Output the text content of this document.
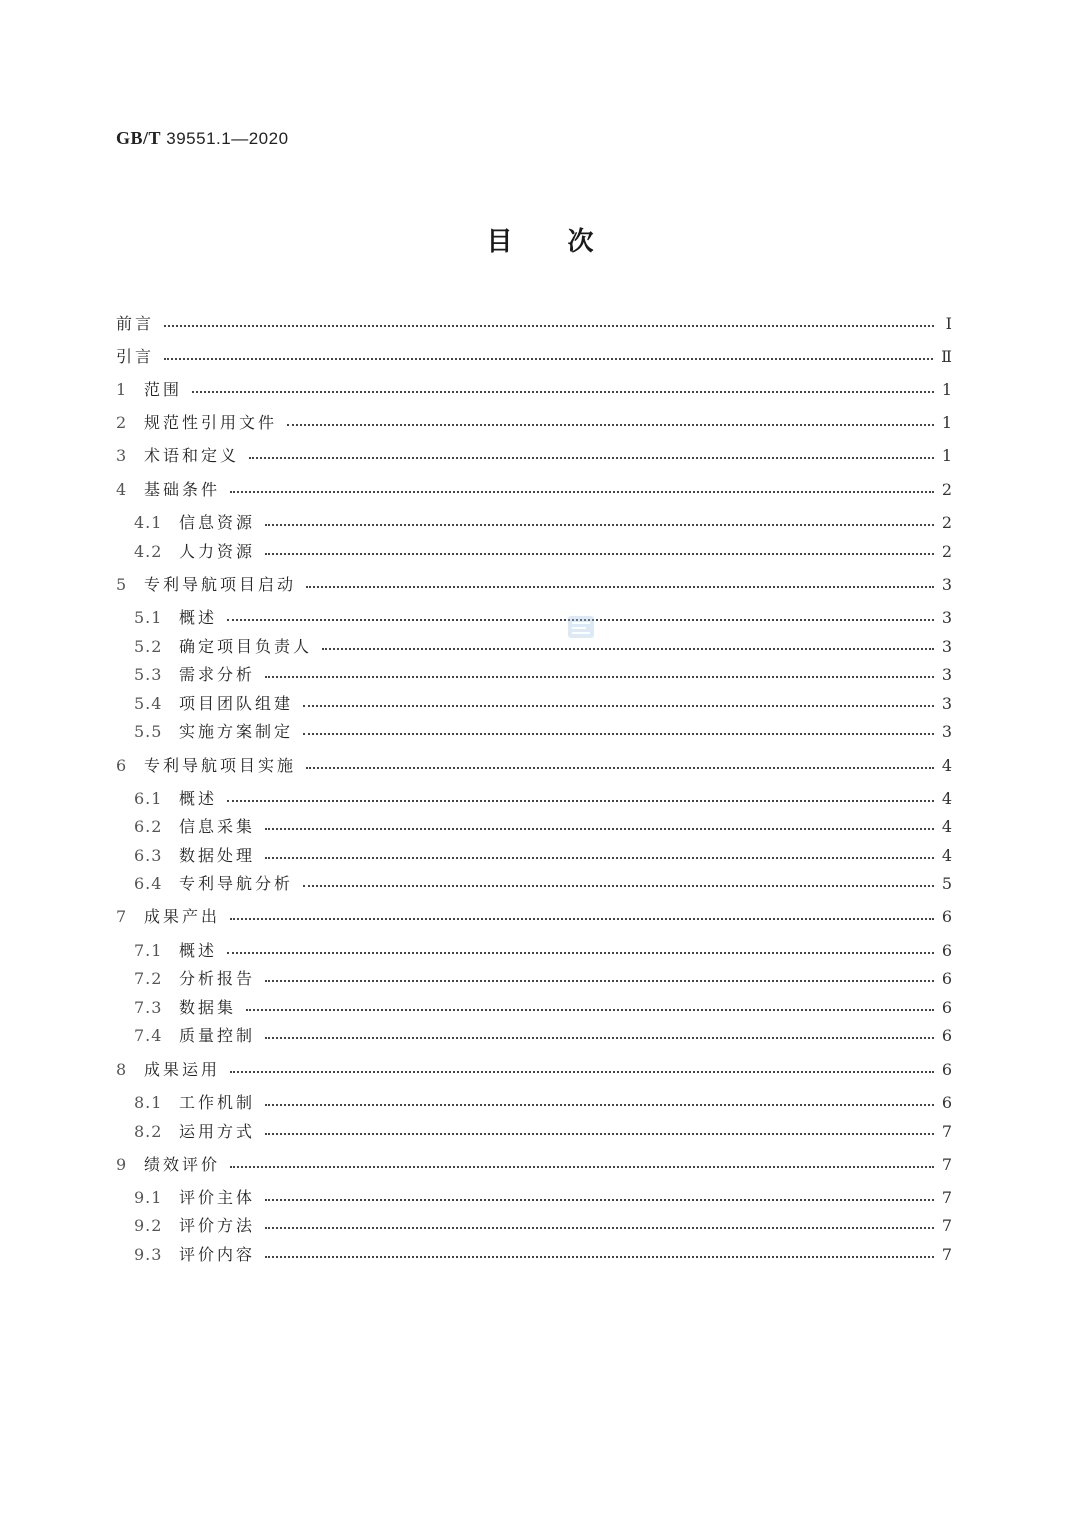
GB/T 39551.1—2020
目次
前言	Ⅰ
引言	Ⅱ
1	范围	1
2	规范性引用文件	1
3	术语和定义	1
4	基础条件	2
4.1	信息资源	2
4.2	人力资源	2
5	专利导航项目启动	3
5.1	概述	3
5.2	确定项目负责人	3
5.3	需求分析	3
5.4	项目团队组建	3
5.5	实施方案制定	3
6	专利导航项目实施	4
6.1	概述	4
6.2	信息采集	4
6.3	数据处理	4
6.4	专利导航分析	5
7	成果产出	6
7.1	概述	6
7.2	分析报告	6
7.3	数据集	6
7.4	质量控制	6
8	成果运用	6
8.1	工作机制	6
8.2	运用方式	7
9	绩效评价	7
9.1	评价主体	7
9.2	评价方法	7
9.3	评价内容	7
